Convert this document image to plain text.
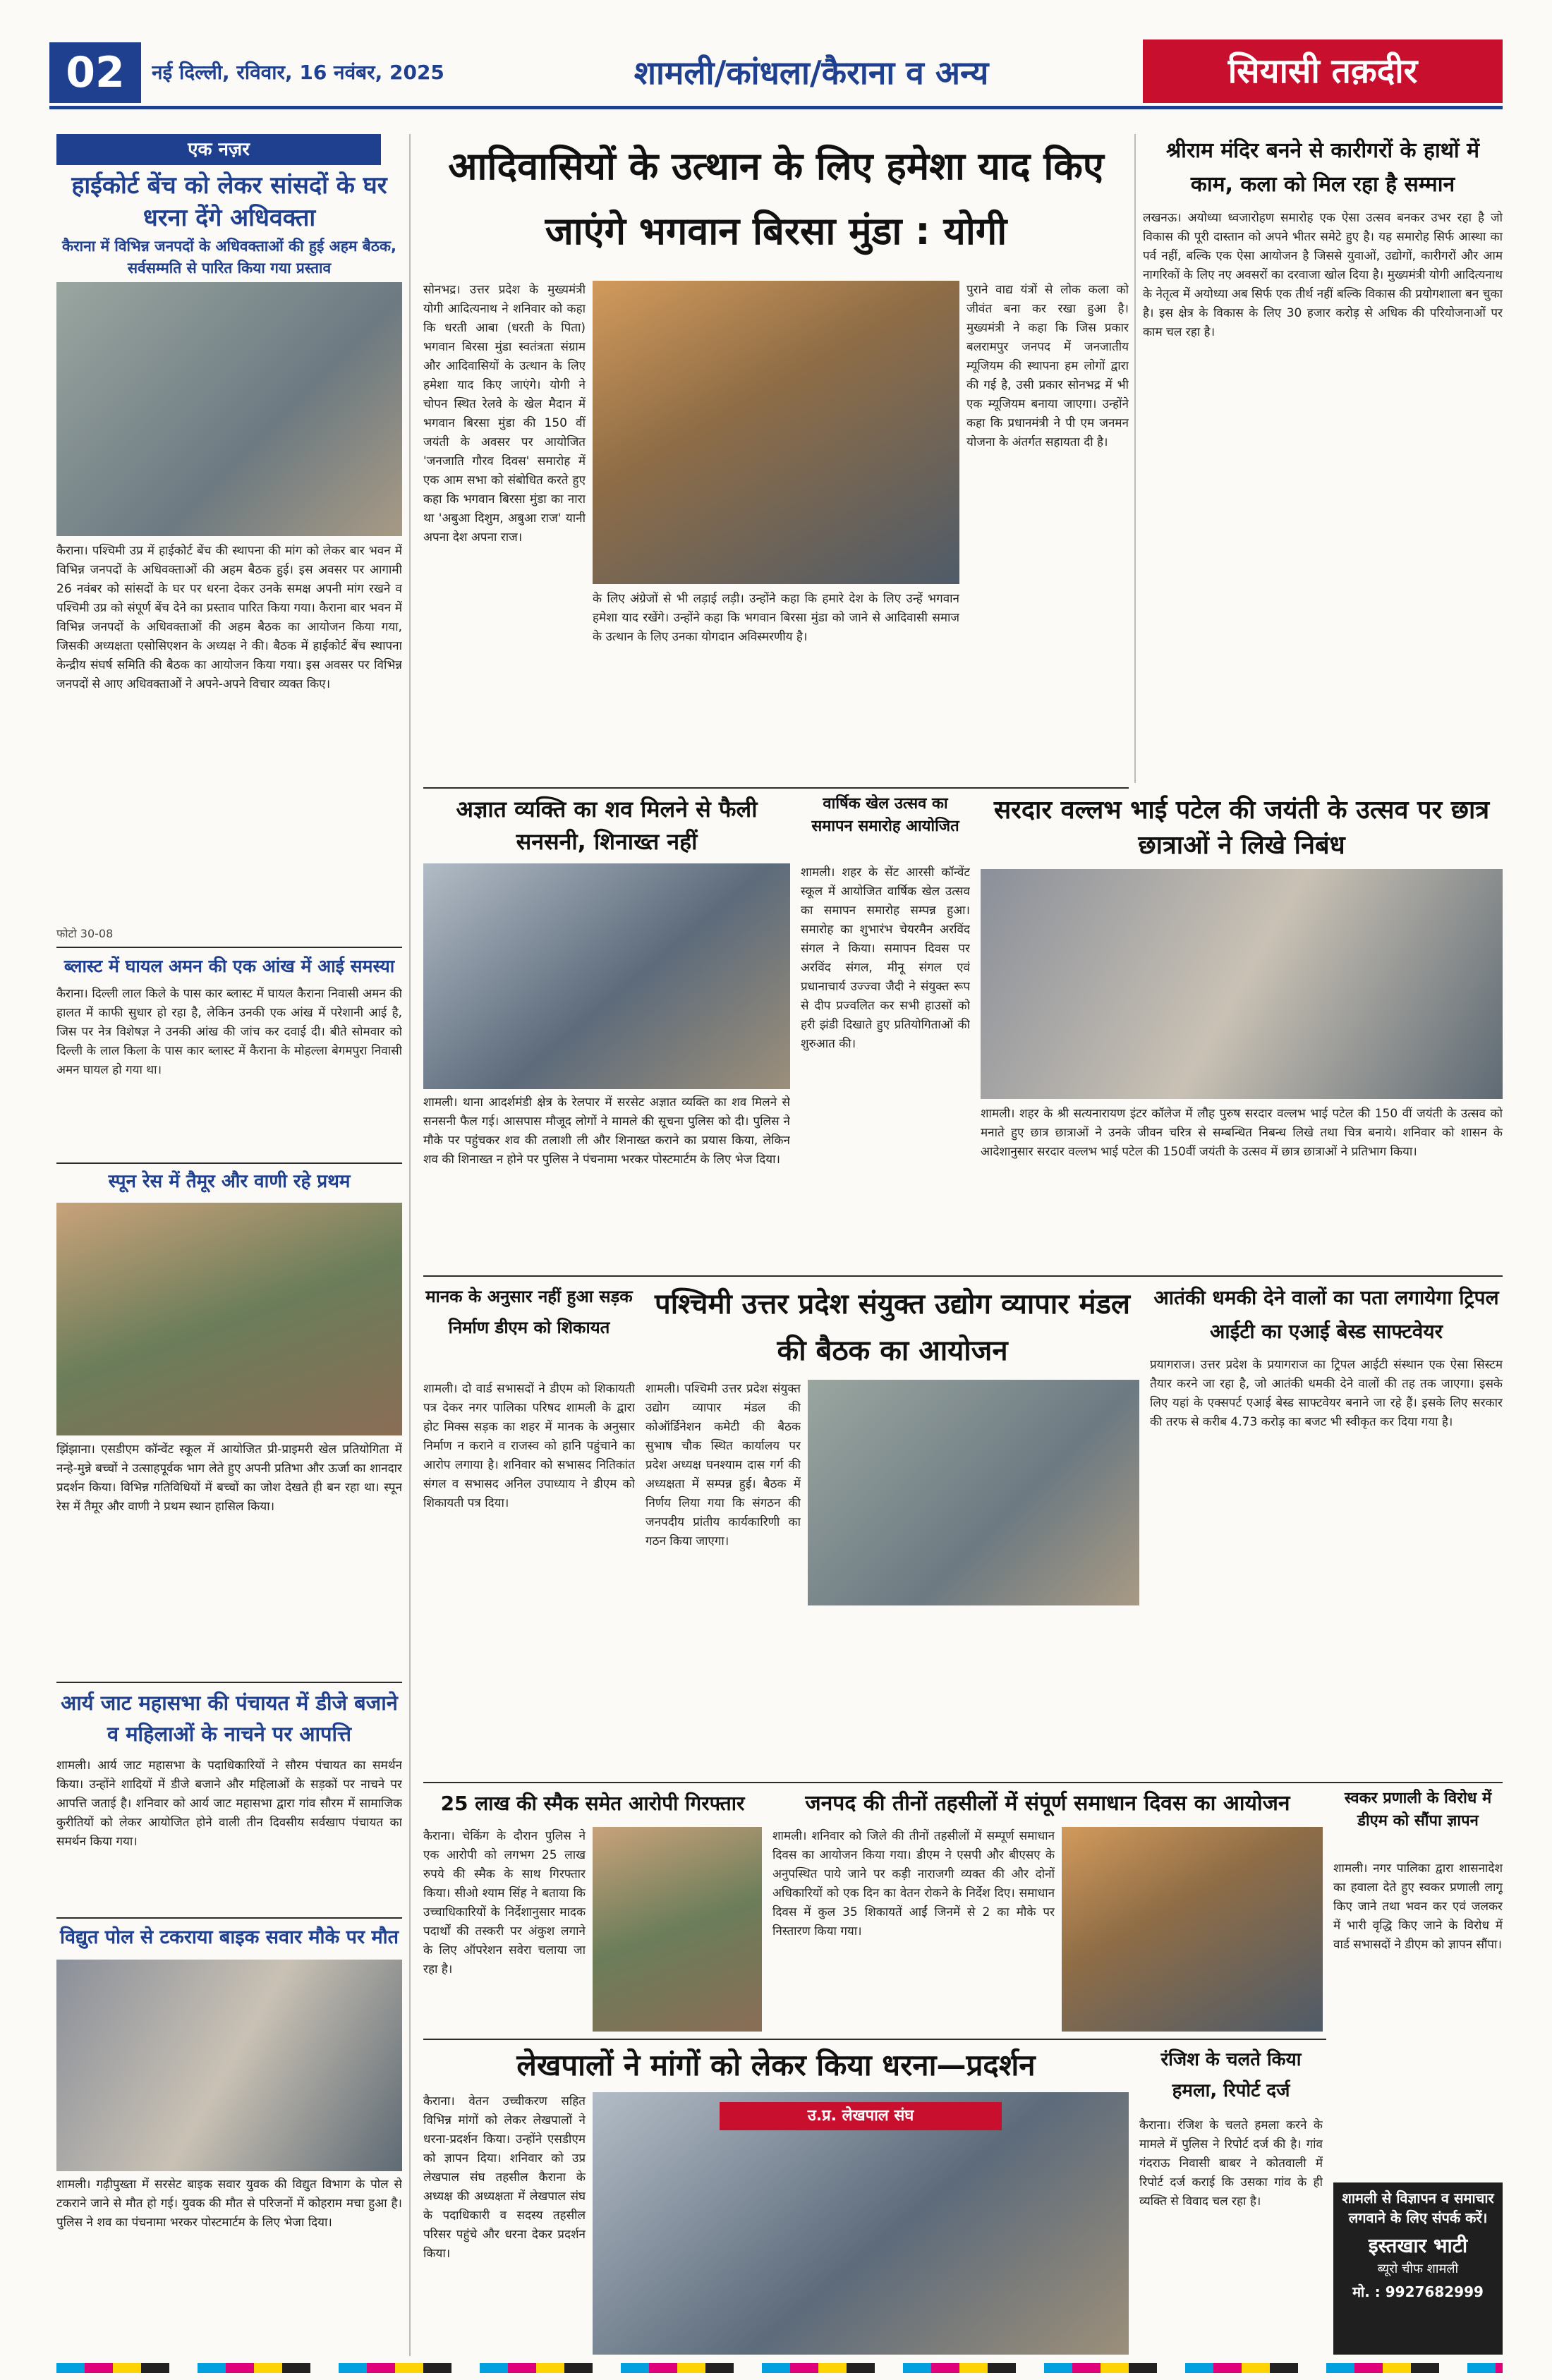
02	नई दिल्ली, रविवार, 16 नवंबर, 2025	शामली/कांधला/कैराना व अन्य	सियासी तक़दीर
एक नज़र
हाईकोर्ट बेंच को लेकर सांसदों के घर धरना देंगे अधिवक्ता
कैराना में विभिन्न जनपदों के अधिवक्ताओं की हुई अहम बैठक, सर्वसम्मति से पारित किया गया प्रस्ताव
कैराना। पश्चिमी उप्र में हाईकोर्ट बेंच की स्थापना की मांग को लेकर बार भवन में विभिन्न जनपदों के अधिवक्ताओं की अहम बैठक हुई। इस अवसर पर आगामी 26 नवंबर को सांसदों के घर पर धरना देकर उनके समक्ष अपनी मांग रखने व पश्चिमी उप्र को संपूर्ण बेंच देने का प्रस्ताव पारित किया गया। कैराना बार भवन में विभिन्न जनपदों के अधिवक्ताओं की अहम बैठक का आयोजन किया गया, जिसकी अध्यक्षता एसोसिएशन के अध्यक्ष ने की। बैठक में हाईकोर्ट बेंच स्थापना केन्द्रीय संघर्ष समिति की बैठक का आयोजन किया गया। इस अवसर पर विभिन्न जनपदों से आए अधिवक्ताओं ने अपने-अपने विचार व्यक्त किए।
फोटो 30-08
ब्लास्ट में घायल अमन की एक आंख में आई समस्या
कैराना। दिल्ली लाल किले के पास कार ब्लास्ट में घायल कैराना निवासी अमन की हालत में काफी सुधार हो रहा है, लेकिन उनकी एक आंख में परेशानी आई है, जिस पर नेत्र विशेषज्ञ ने उनकी आंख की जांच कर दवाई दी। बीते सोमवार को दिल्ली के लाल किला के पास कार ब्लास्ट में कैराना के मोहल्ला बेगमपुरा निवासी अमन घायल हो गया था।
स्पून रेस में तैमूर और वाणी रहे प्रथम
झिंझाना। एसडीएम कॉन्वेंट स्कूल में आयोजित प्री-प्राइमरी खेल प्रतियोगिता में नन्हे-मुन्ने बच्चों ने उत्साहपूर्वक भाग लेते हुए अपनी प्रतिभा और ऊर्जा का शानदार प्रदर्शन किया। विभिन्न गतिविधियों में बच्चों का जोश देखते ही बन रहा था। स्पून रेस में तैमूर और वाणी ने प्रथम स्थान हासिल किया।
आर्य जाट महासभा की पंचायत में डीजे बजाने व महिलाओं के नाचने पर आपत्ति
शामली। आर्य जाट महासभा के पदाधिकारियों ने सौरम पंचायत का समर्थन किया। उन्होंने शादियों में डीजे बजाने और महिलाओं के सड़कों पर नाचने पर आपत्ति जताई है। शनिवार को आर्य जाट महासभा द्वारा गांव सौरम में सामाजिक कुरीतियों को लेकर आयोजित होने वाली तीन दिवसीय सर्वखाप पंचायत का समर्थन किया गया।
विद्युत पोल से टकराया बाइक सवार मौके पर मौत
शामली। गढ़ीपुख्ता में सरसेट बाइक सवार युवक की विद्युत विभाग के पोल से टकराने जाने से मौत हो गई। युवक की मौत से परिजनों में कोहराम मचा हुआ है। पुलिस ने शव का पंचनामा भरकर पोस्टमार्टम के लिए भेजा दिया।
आदिवासियों के उत्थान के लिए हमेशा याद किए जाएंगे भगवान बिरसा मुंडा : योगी
सोनभद्र। उत्तर प्रदेश के मुख्यमंत्री योगी आदित्यनाथ ने शनिवार को कहा कि धरती आबा (धरती के पिता) भगवान बिरसा मुंडा स्वतंत्रता संग्राम और आदिवासियों के उत्थान के लिए हमेशा याद किए जाएंगे। योगी ने चोपन स्थित रेलवे के खेल मैदान में भगवान बिरसा मुंडा की 150 वीं जयंती के अवसर पर आयोजित 'जनजाति गौरव दिवस' समारोह में एक आम सभा को संबोधित करते हुए कहा कि भगवान बिरसा मुंडा का नारा था 'अबुआ दिशुम, अबुआ राज' यानी अपना देश अपना राज।
के लिए अंग्रेजों से भी लड़ाई लड़ी। उन्होंने कहा कि हमारे देश के लिए उन्हें भगवान हमेशा याद रखेंगे। उन्होंने कहा कि भगवान बिरसा मुंडा को जाने से आदिवासी समाज के उत्थान के लिए उनका योगदान अविस्मरणीय है।
पुराने वाद्य यंत्रों से लोक कला को जीवंत बना कर रखा हुआ है। मुख्यमंत्री ने कहा कि जिस प्रकार बलरामपुर जनपद में जनजातीय म्यूजियम की स्थापना हम लोगों द्वारा की गई है, उसी प्रकार सोनभद्र में भी एक म्यूजियम बनाया जाएगा। उन्होंने कहा कि प्रधानमंत्री ने पी एम जनमन योजना के अंतर्गत सहायता दी है।
श्रीराम मंदिर बनने से कारीगरों के हाथों में काम, कला को मिल रहा है सम्मान
लखनऊ। अयोध्या ध्वजारोहण समारोह एक ऐसा उत्सव बनकर उभर रहा है जो विकास की पूरी दास्तान को अपने भीतर समेटे हुए है। यह समारोह सिर्फ आस्था का पर्व नहीं, बल्कि एक ऐसा आयोजन है जिससे युवाओं, उद्योगों, कारीगरों और आम नागरिकों के लिए नए अवसरों का दरवाजा खोल दिया है। मुख्यमंत्री योगी आदित्यनाथ के नेतृत्व में अयोध्या अब सिर्फ एक तीर्थ नहीं बल्कि विकास की प्रयोगशाला बन चुका है। इस क्षेत्र के विकास के लिए 30 हजार करोड़ से अधिक की परियोजनाओं पर काम चल रहा है।
अज्ञात व्यक्ति का शव मिलने से फैली सनसनी, शिनाख्त नहीं
शामली। थाना आदर्शमंडी क्षेत्र के रेलपार में सरसेट अज्ञात व्यक्ति का शव मिलने से सनसनी फैल गई। आसपास मौजूद लोगों ने मामले की सूचना पुलिस को दी। पुलिस ने मौके पर पहुंचकर शव की तलाशी ली और शिनाख्त कराने का प्रयास किया, लेकिन शव की शिनाख्त न होने पर पुलिस ने पंचनामा भरकर पोस्टमार्टम के लिए भेज दिया।
वार्षिक खेल उत्सव का समापन समारोह आयोजित
शामली। शहर के सेंट आरसी कॉन्वेंट स्कूल में आयोजित वार्षिक खेल उत्सव का समापन समारोह सम्पन्न हुआ। समारोह का शुभारंभ चेयरमैन अरविंद संगल ने किया। समापन दिवस पर अरविंद संगल, मीनू संगल एवं प्रधानाचार्य उज्ज्वा जैदी ने संयुक्त रूप से दीप प्रज्वलित कर सभी हाउसों को हरी झंडी दिखाते हुए प्रतियोगिताओं की शुरुआत की।
सरदार वल्लभ भाई पटेल की जयंती के उत्सव पर छात्र छात्राओं ने लिखे निबंध
शामली। शहर के श्री सत्यनारायण इंटर कॉलेज में लौह पुरुष सरदार वल्लभ भाई पटेल की 150 वीं जयंती के उत्सव को मनाते हुए छात्र छात्राओं ने उनके जीवन चरित्र से सम्बन्धित निबन्ध लिखे तथा चित्र बनाये। शनिवार को शासन के आदेशानुसार सरदार वल्लभ भाई पटेल की 150वीं जयंती के उत्सव में छात्र छात्राओं ने प्रतिभाग किया।
मानक के अनुसार नहीं हुआ सड़क निर्माण डीएम को शिकायत
शामली। दो वार्ड सभासदों ने डीएम को शिकायती पत्र देकर नगर पालिका परिषद शामली के द्वारा होट मिक्स सड़क का शहर में मानक के अनुसार निर्माण न कराने व राजस्व को हानि पहुंचाने का आरोप लगाया है। शनिवार को सभासद नितिकांत संगल व सभासद अनिल उपाध्याय ने डीएम को शिकायती पत्र दिया।
पश्चिमी उत्तर प्रदेश संयुक्त उद्योग व्यापार मंडल की बैठक का आयोजन
शामली। पश्चिमी उत्तर प्रदेश संयुक्त उद्योग व्यापार मंडल की कोऑर्डिनेशन कमेटी की बैठक सुभाष चौक स्थित कार्यालय पर प्रदेश अध्यक्ष घनश्याम दास गर्ग की अध्यक्षता में सम्पन्न हुई। बैठक में निर्णय लिया गया कि संगठन की जनपदीय प्रांतीय कार्यकारिणी का गठन किया जाएगा।
आतंकी धमकी देने वालों का पता लगायेगा ट्रिपल आईटी का एआई बेस्ड साफ्टवेयर
प्रयागराज। उत्तर प्रदेश के प्रयागराज का ट्रिपल आईटी संस्थान एक ऐसा सिस्टम तैयार करने जा रहा है, जो आतंकी धमकी देने वालों की तह तक जाएगा। इसके लिए यहां के एक्सपर्ट एआई बेस्ड साफ्टवेयर बनाने जा रहे हैं। इसके लिए सरकार की तरफ से करीब 4.73 करोड़ का बजट भी स्वीकृत कर दिया गया है।
25 लाख की स्मैक समेत आरोपी गिरफ्तार
कैराना। चेकिंग के दौरान पुलिस ने एक आरोपी को लगभग 25 लाख रुपये की स्मैक के साथ गिरफ्तार किया। सीओ श्याम सिंह ने बताया कि उच्चाधिकारियों के निर्देशानुसार मादक पदार्थों की तस्करी पर अंकुश लगाने के लिए ऑपरेशन सवेरा चलाया जा रहा है।
जनपद की तीनों तहसीलों में संपूर्ण समाधान दिवस का आयोजन
शामली। शनिवार को जिले की तीनों तहसीलों में सम्पूर्ण समाधान दिवस का आयोजन किया गया। डीएम ने एसपी और बीएसए के अनुपस्थित पाये जाने पर कड़ी नाराजगी व्यक्त की और दोनों अधिकारियों को एक दिन का वेतन रोकने के निर्देश दिए। समाधान दिवस में कुल 35 शिकायतें आईं जिनमें से 2 का मौके पर निस्तारण किया गया।
स्वकर प्रणाली के विरोध में डीएम को सौंपा ज्ञापन
शामली। नगर पालिका द्वारा शासनादेश का हवाला देते हुए स्वकर प्रणाली लागू किए जाने तथा भवन कर एवं जलकर में भारी वृद्धि किए जाने के विरोध में वार्ड सभासदों ने डीएम को ज्ञापन सौंपा।
लेखपालों ने मांगों को लेकर किया धरना—प्रदर्शन
कैराना। वेतन उच्चीकरण सहित विभिन्न मांगों को लेकर लेखपालों ने धरना-प्रदर्शन किया। उन्होंने एसडीएम को ज्ञापन दिया। शनिवार को उप्र लेखपाल संघ तहसील कैराना के अध्यक्ष की अध्यक्षता में लेखपाल संघ के पदाधिकारी व सदस्य तहसील परिसर पहुंचे और धरना देकर प्रदर्शन किया।
उ.प्र. लेखपाल संघ
रंजिश के चलते किया हमला, रिपोर्ट दर्ज
कैराना। रंजिश के चलते हमला करने के मामले में पुलिस ने रिपोर्ट दर्ज की है। गांव गंदराऊ निवासी बाबर ने कोतवाली में रिपोर्ट दर्ज कराई कि उसका गांव के ही व्यक्ति से विवाद चल रहा है।	शामली से विज्ञापन व समाचार लगवाने के लिए संपर्क करें।
इस्तखार भाटी
ब्यूरो चीफ शामली
मो. : 9927682999
